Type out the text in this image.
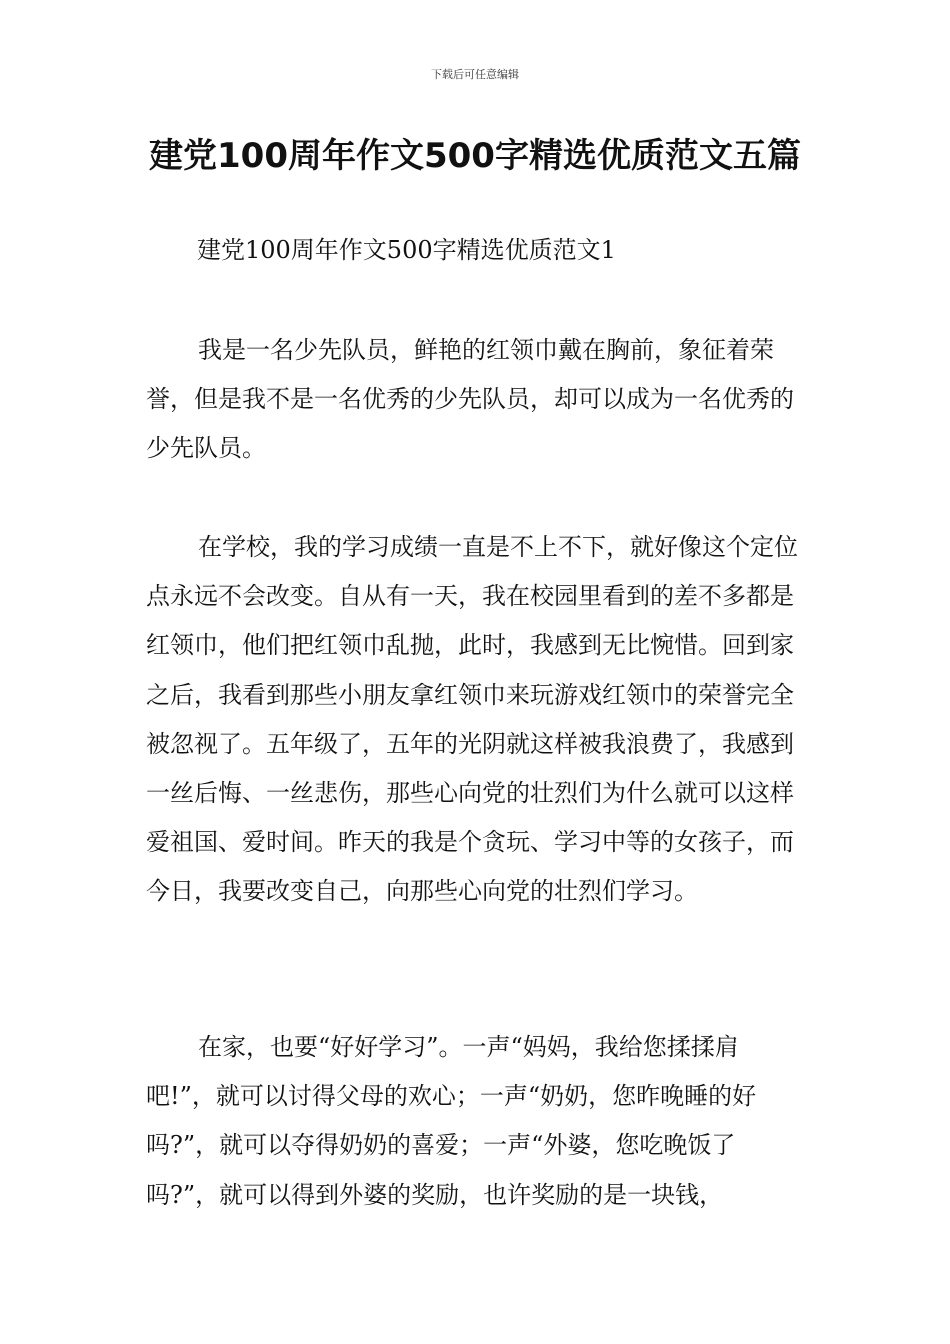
下载后可任意编辑
建党100周年作文500字精选优质范文五篇
建党100周年作文500字精选优质范文1

我是一名少先队员，鲜艳的红领巾戴在胸前，象征着荣誉，但是我不是一名优秀的少先队员，却可以成为一名优秀的少先队员。

在学校，我的学习成绩一直是不上不下，就好像这个定位点永远不会改变。自从有一天，我在校园里看到的差不多都是红领巾，他们把红领巾乱抛，此时，我感到无比惋惜。回到家之后，我看到那些小朋友拿红领巾来玩游戏红领巾的荣誉完全被忽视了。五年级了，五年的光阴就这样被我浪费了，我感到一丝后悔、一丝悲伤，那些心向党的壮烈们为什么就可以这样爱祖国、爱时间。昨天的我是个贪玩、学习中等的女孩子，而今日，我要改变自己，向那些心向党的壮烈们学习。

在家，也要“好好学习”。一声“妈妈，我给您揉揉肩吧!”，就可以讨得父母的欢心；一声“奶奶，您昨晚睡的好吗?”，就可以夺得奶奶的喜爱；一声“外婆，您吃晚饭了吗?”，就可以得到外婆的奖励，也许奖励的是一块钱，
